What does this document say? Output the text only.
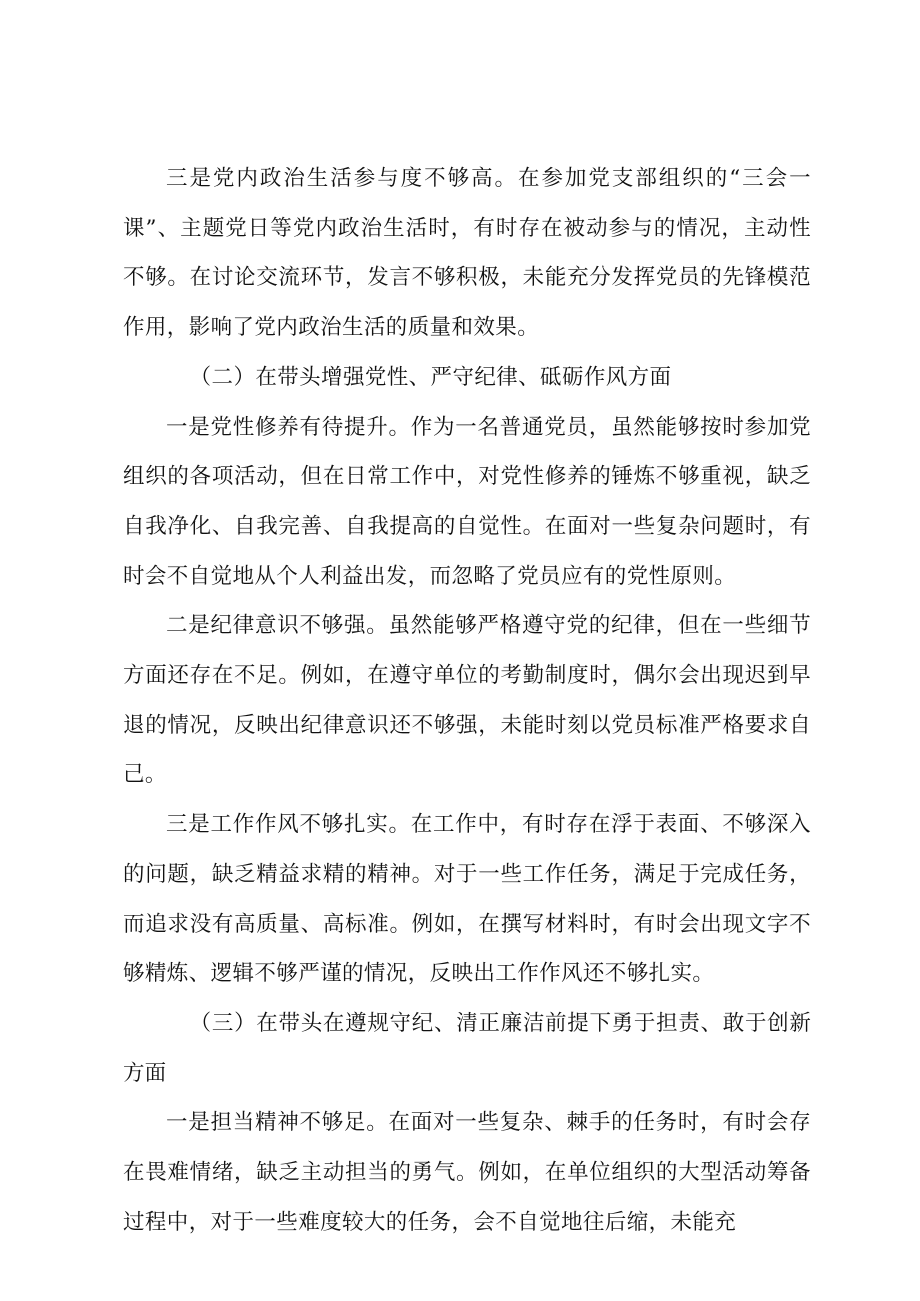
三是党内政治生活参与度不够高。在参加党支部组织的“三会一课”、主题党日等党内政治生活时，有时存在被动参与的情况，主动性不够。在讨论交流环节，发言不够积极，未能充分发挥党员的先锋模范作用，影响了党内政治生活的质量和效果。

（二）在带头增强党性、严守纪律、砥砺作风方面

一是党性修养有待提升。作为一名普通党员，虽然能够按时参加党组织的各项活动，但在日常工作中，对党性修养的锤炼不够重视，缺乏自我净化、自我完善、自我提高的自觉性。在面对一些复杂问题时，有时会不自觉地从个人利益出发，而忽略了党员应有的党性原则。

二是纪律意识不够强。虽然能够严格遵守党的纪律，但在一些细节方面还存在不足。例如，在遵守单位的考勤制度时，偶尔会出现迟到早退的情况，反映出纪律意识还不够强，未能时刻以党员标准严格要求自己。

三是工作作风不够扎实。在工作中，有时存在浮于表面、不够深入的问题，缺乏精益求精的精神。对于一些工作任务，满足于完成任务，而追求没有高质量、高标准。例如，在撰写材料时，有时会出现文字不够精炼、逻辑不够严谨的情况，反映出工作作风还不够扎实。

（三）在带头在遵规守纪、清正廉洁前提下勇于担责、敢于创新方面

一是担当精神不够足。在面对一些复杂、棘手的任务时，有时会存在畏难情绪，缺乏主动担当的勇气。例如，在单位组织的大型活动筹备过程中，对于一些难度较大的任务，会不自觉地往后缩，未能充
